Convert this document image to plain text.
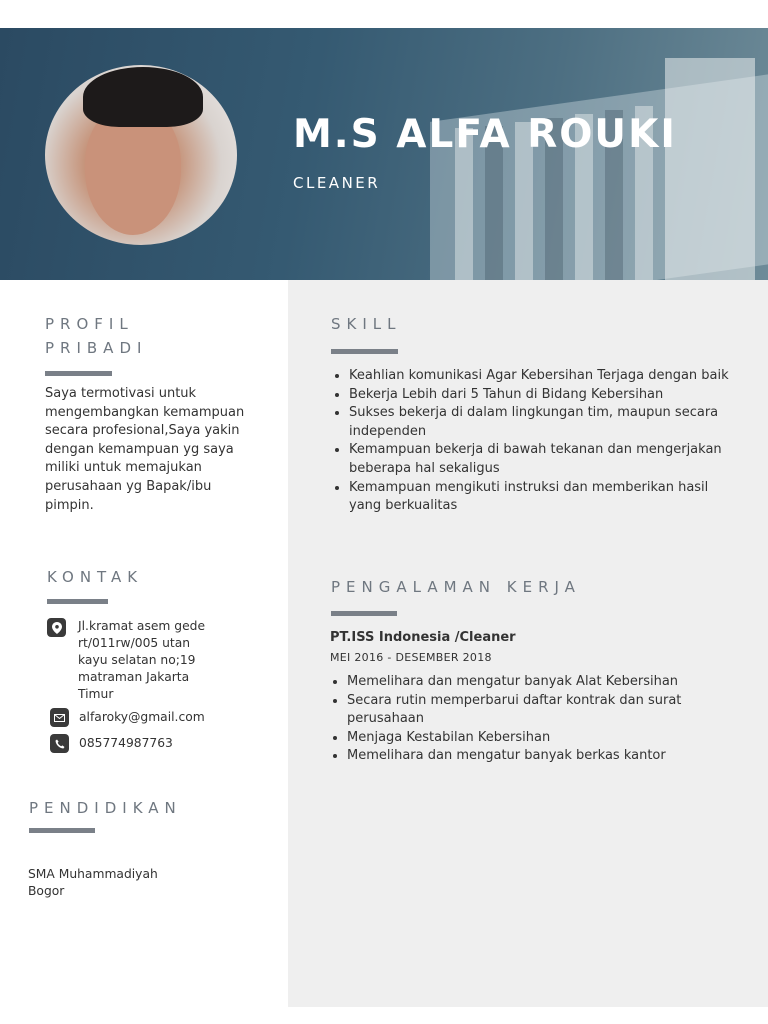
M.S ALFA ROUKI
CLEANER
PROFIL
PRIBADI
Saya termotivasi untuk mengembangkan kemampuan secara profesional,Saya yakin dengan kemampuan yg saya miliki untuk memajukan perusahaan yg Bapak/ibu pimpin.
KONTAK
Jl.kramat asem gede
rt/011rw/005 utan
kayu selatan no;19
matraman Jakarta
Timur
alfaroky@gmail.com
085774987763
PENDIDIKAN
SMA Muhammadiyah
Bogor
SKILL
• Keahlian komunikasi Agar Kebersihan Terjaga dengan baik
• Bekerja Lebih dari 5 Tahun di Bidang Kebersihan
• Sukses bekerja di dalam lingkungan tim, maupun secara independen
• Kemampuan bekerja di bawah tekanan dan mengerjakan beberapa hal sekaligus
• Kemampuan mengikuti instruksi dan memberikan hasil yang berkualitas
PENGALAMAN KERJA
PT.ISS Indonesia /Cleaner
MEI 2016 - DESEMBER 2018
• Memelihara dan mengatur banyak Alat Kebersihan
• Secara rutin memperbarui daftar kontrak dan surat perusahaan
• Menjaga Kestabilan Kebersihan
• Memelihara dan mengatur banyak berkas kantor
